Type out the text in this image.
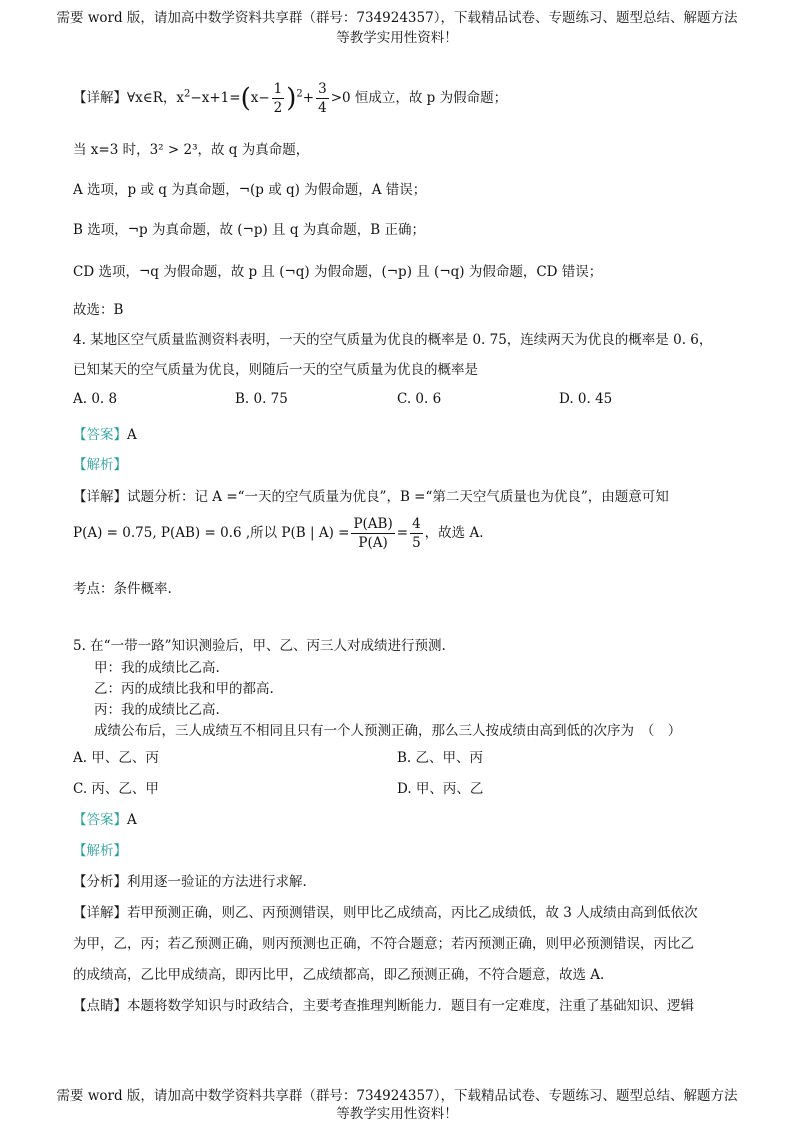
需要 word 版，请加高中数学资料共享群（群号：734924357），下载精品试卷、专题练习、题型总结、解题方法
等教学实用性资料！
【详解】∀x∈R，$x^2-x+1=(x- \frac{1}{2} )^2+ \frac{3}{4} >0$ 恒成立，故 p 为假命题；
当 x=3 时，3² > 2³，故 q 为真命题，
A 选项，p 或 q 为真命题，¬(p 或 q) 为假命题，A 错误；
B 选项，¬p 为真命题，故 (¬p) 且 q 为真命题，B 正确；
CD 选项，¬q 为假命题，故 p 且 (¬q) 为假命题，(¬p) 且 (¬q) 为假命题，CD 错误；
故选：B
4. 某地区空气质量监测资料表明，一天的空气质量为优良的概率是 0. 75，连续两天为优良的概率是 0. 6，
已知某天的空气质量为优良，则随后一天的空气质量为优良的概率是
A. 0. 8	B. 0. 75	C. 0. 6	D. 0. 45
【答案】A
【解析】
【详解】试题分析：记 A =“一天的空气质量为优良”，B =“第二天空气质量也为优良”，由题意可知
P(A) = 0.75, P(AB) = 0.6 ,所以 P(B | $A) = \frac{P(AB)}{P(A)} = \frac{4}{5}$ ，故选 A.
考点：条件概率.
5. 在“一带一路”知识测验后，甲、乙、丙三人对成绩进行预测.
甲：我的成绩比乙高.
乙：丙的成绩比我和甲的都高.
丙：我的成绩比乙高.
成绩公布后，三人成绩互不相同且只有一个人预测正确，那么三人按成绩由高到低的次序为　（　）
A. 甲、乙、丙	B. 乙、甲、丙
C. 丙、乙、甲	D. 甲、丙、乙
【答案】A
【解析】
【分析】利用逐一验证的方法进行求解.
【详解】若甲预测正确，则乙、丙预测错误，则甲比乙成绩高，丙比乙成绩低，故 3 人成绩由高到低依次
为甲，乙，丙；若乙预测正确，则丙预测也正确，不符合题意；若丙预测正确，则甲必预测错误，丙比乙
的成绩高，乙比甲成绩高，即丙比甲，乙成绩都高，即乙预测正确，不符合题意，故选 A.
【点睛】本题将数学知识与时政结合，主要考查推理判断能力．题目有一定难度，注重了基础知识、逻辑
需要 word 版，请加高中数学资料共享群（群号：734924357），下载精品试卷、专题练习、题型总结、解题方法
等教学实用性资料！
